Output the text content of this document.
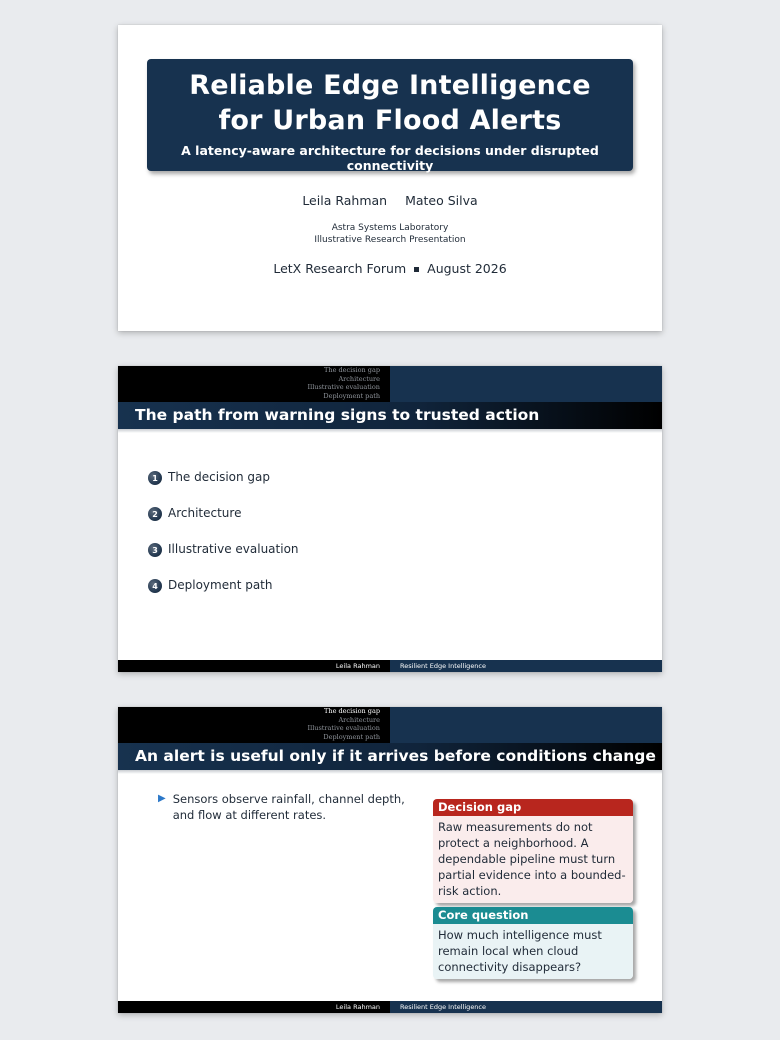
Reliable Edge Intelligence
for Urban Flood Alerts
A latency-aware architecture for decisions under disrupted connectivity
Leila Rahman Mateo Silva
Astra Systems Laboratory
Illustrative Research Presentation
LetX Research Forum August 2026
The decision gap
Architecture
Illustrative evaluation
Deployment path
The path from warning signs to trusted action
1 The decision gap
2 Architecture
3 Illustrative evaluation
4 Deployment path
Leila Rahman	Resilient Edge Intelligence
The decision gap
Architecture
Illustrative evaluation
Deployment path
An alert is useful only if it arrives before conditions change
▶ Sensors observe rainfall, channel depth, and flow at different rates.
Decision gap
Raw measurements do not protect a neighborhood. A dependable pipeline must turn partial evidence into a bounded-risk action.
Core question
How much intelligence must remain local when cloud connectivity disappears?
Leila Rahman	Resilient Edge Intelligence
